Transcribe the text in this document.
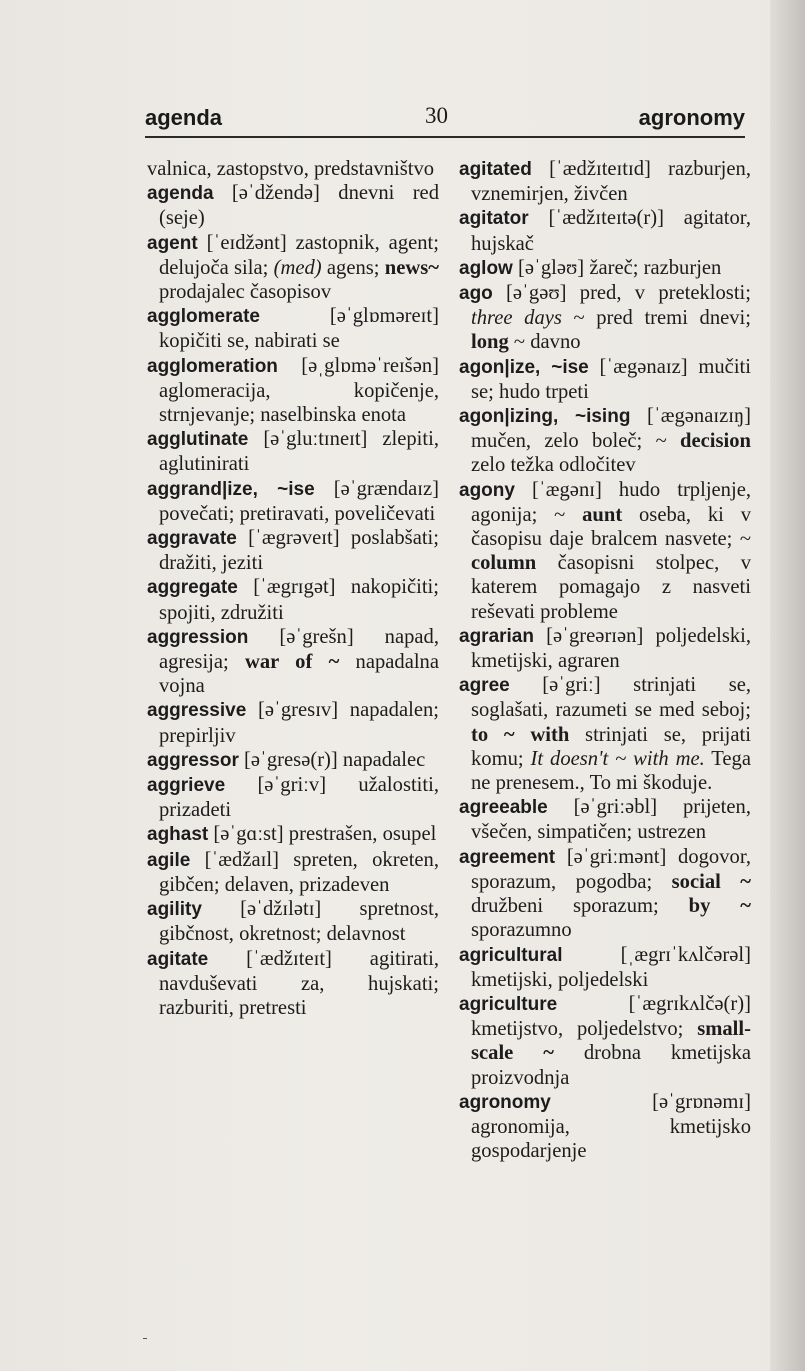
agenda	30	agronomy

valnica, zastopstvo, predstavništvo

agenda [əˈdžendə] dnevni red (seje)

agent [ˈeɪdžənt] zastopnik, agent; delujoča sila; (med) agens; news~ prodajalec časopisov

agglomerate [əˈglɒməreɪt] kopičiti se, nabirati se

agglomeration [əˌglɒməˈreɪšən] aglomeracija, kopičenje, strnjevanje; naselbinska enota

agglutinate [əˈgluːtɪneɪt] zlepiti, aglutinirati

aggrand|ize, ~ise [əˈgrændaɪz] povečati; pretiravati, poveličevati

aggravate [ˈægrəveɪt] poslabšati; dražiti, jeziti

aggregate [ˈægrɪgət] nakopičiti; spojiti, združiti

aggression [əˈgrešn] napad, agresija; war of ~ napadalna vojna

aggressive [əˈgresɪv] napadalen; prepirljiv

aggressor [əˈgresə(r)] napadalec

aggrieve [əˈgriːv] užalostiti, prizadeti

aghast [əˈgɑːst] prestrašen, osupel

agile [ˈædžaɪl] spreten, okreten, gibčen; delaven, prizadeven

agility [əˈdžɪlətɪ] spretnost, gibčnost, okretnost; delavnost

agitate [ˈædžɪteɪt] agitirati, navduševati za, hujskati; razburiti, pretresti

agitated [ˈædžɪteɪtɪd] razburjen, vznemirjen, živčen

agitator [ˈædžɪteɪtə(r)] agitator, hujskač

aglow [əˈgləʊ] žareč; razburjen

ago [əˈgəʊ] pred, v preteklosti; three days ~ pred tremi dnevi; long ~ davno

agon|ize, ~ise [ˈægənaɪz] mučiti se; hudo trpeti

agon|izing, ~ising [ˈægənaɪzɪŋ] mučen, zelo boleč; ~ decision zelo težka odločitev

agony [ˈægənɪ] hudo trpljenje, agonija; ~ aunt oseba, ki v časopisu daje bralcem nasvete; ~ column časopisni stolpec, v katerem pomagajo z nasveti reševati probleme

agrarian [əˈgreərɪən] poljedelski, kmetijski, agraren

agree [əˈgriː] strinjati se, soglašati, razumeti se med seboj; to ~ with strinjati se, prijati komu; It doesn't ~ with me. Tega ne prenesem., To mi škoduje.

agreeable [əˈgriːəbl] prijeten, všečen, simpatičen; ustrezen

agreement [əˈgriːmənt] dogovor, sporazum, pogodba; social ~ družbeni sporazum; by ~ sporazumno

agricultural [ˌægrɪˈkʌlčərəl] kmetijski, poljedelski

agriculture [ˈægrɪkʌlčə(r)] kmetijstvo, poljedelstvo; small-scale ~ drobna kmetijska proizvodnja

agronomy [əˈgrɒnəmɪ] agronomija, kmetijsko gospodarjenje
